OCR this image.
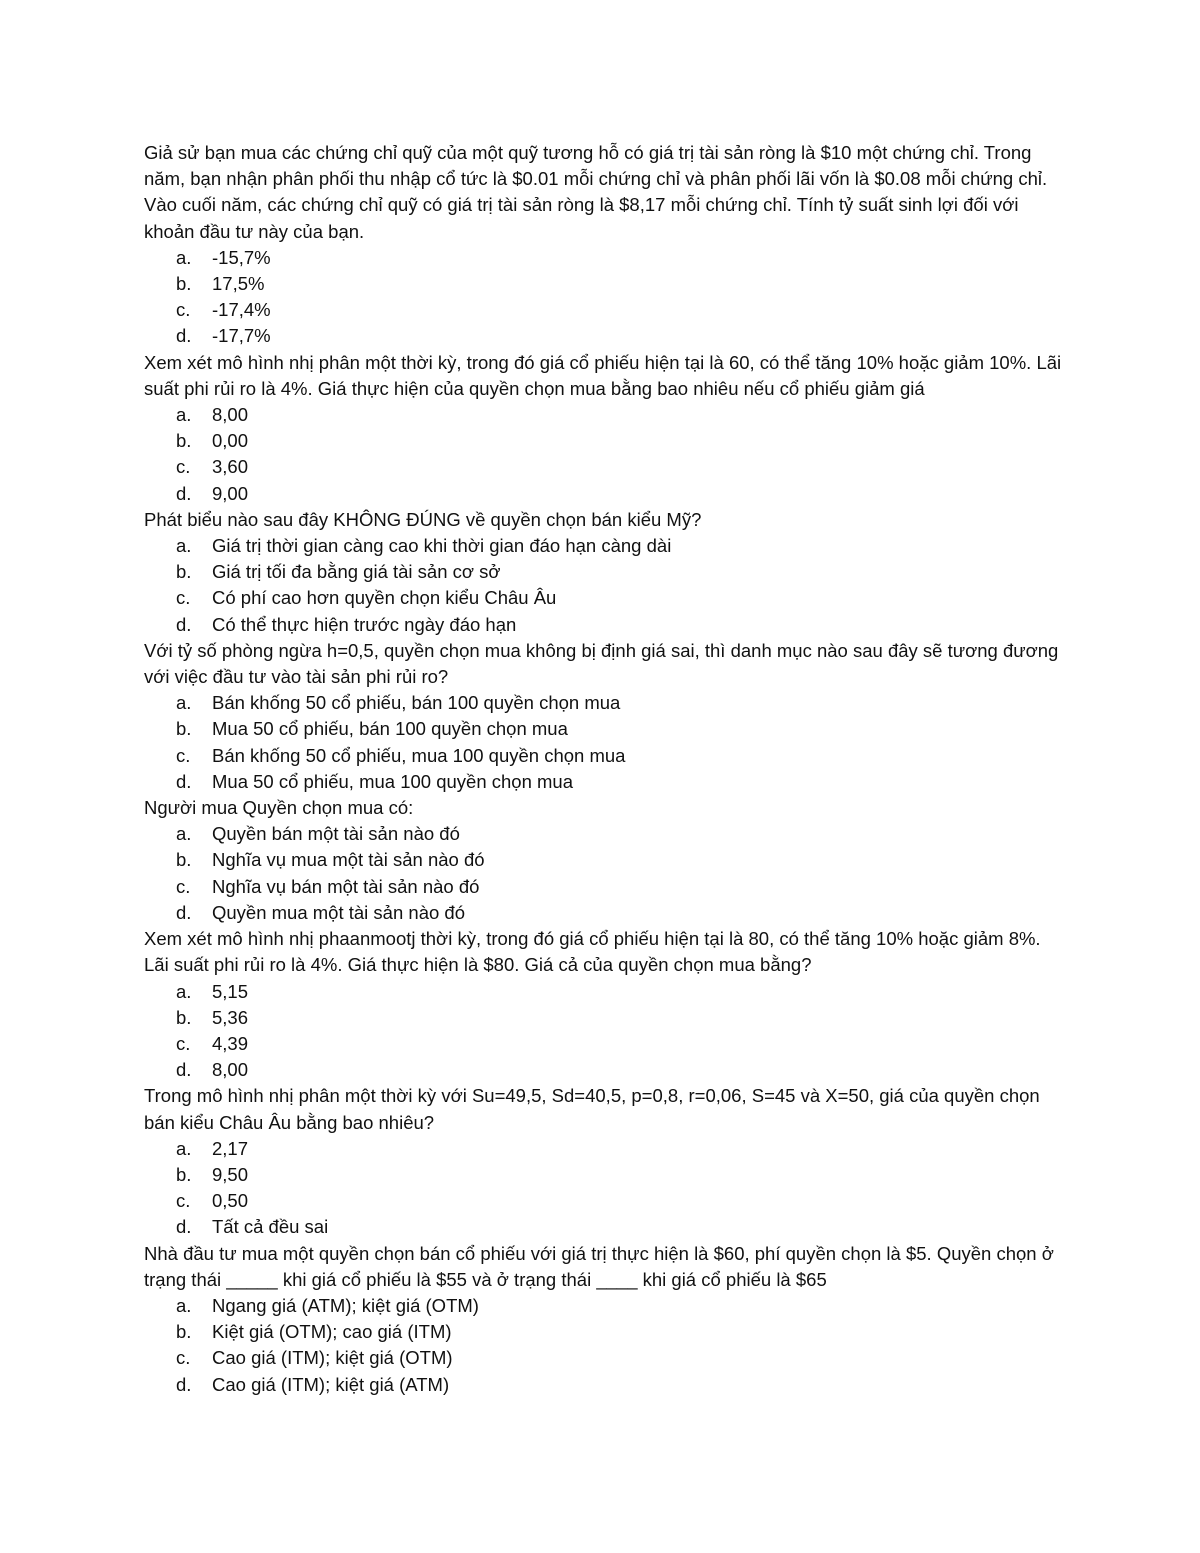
Giả sử bạn mua các chứng chỉ quỹ của một quỹ tương hỗ có giá trị tài sản ròng là $10 một chứng chỉ. Trong năm, bạn nhận phân phối thu nhập cổ tức là $0.01 mỗi chứng chỉ và phân phối lãi vốn là $0.08 mỗi chứng chỉ. Vào cuối năm, các chứng chỉ quỹ có giá trị tài sản ròng là $8,17 mỗi chứng chỉ. Tính tỷ suất sinh lợi đối với khoản đầu tư này của bạn.

a.	-15,7%
b.	17,5%
c.	-17,4%
d.	-17,7%

Xem xét mô hình nhị phân một thời kỳ, trong đó giá cổ phiếu hiện tại là 60, có thể tăng 10% hoặc giảm 10%. Lãi suất phi rủi ro là 4%. Giá thực hiện của quyền chọn mua bằng bao nhiêu nếu cổ phiếu giảm giá

a.	8,00
b.	0,00
c.	3,60
d.	9,00

Phát biểu nào sau đây KHÔNG ĐÚNG về quyền chọn bán kiểu Mỹ?

a.	Giá trị thời gian càng cao khi thời gian đáo hạn càng dài
b.	Giá trị tối đa bằng giá tài sản cơ sở
c.	Có phí cao hơn quyền chọn kiểu Châu Âu
d.	Có thể thực hiện trước ngày đáo hạn

Với tỷ số phòng ngừa h=0,5, quyền chọn mua không bị định giá sai, thì danh mục nào sau đây sẽ tương đương với việc đầu tư vào tài sản phi rủi ro?

a.	Bán khống 50 cổ phiếu, bán 100 quyền chọn mua
b.	Mua 50 cổ phiếu, bán 100 quyền chọn mua
c.	Bán khống 50 cổ phiếu, mua 100 quyền chọn mua
d.	Mua 50 cổ phiếu, mua 100 quyền chọn mua

Người mua Quyền chọn mua có:

a.	Quyền bán một tài sản nào đó
b.	Nghĩa vụ mua một tài sản nào đó
c.	Nghĩa vụ bán một tài sản nào đó
d.	Quyền mua một tài sản nào đó

Xem xét mô hình nhị phaanmootj thời kỳ, trong đó giá cổ phiếu hiện tại là 80, có thể tăng 10% hoặc giảm 8%. Lãi suất phi rủi ro là 4%. Giá thực hiện là $80. Giá cả của quyền chọn mua bằng?

a.	5,15
b.	5,36
c.	4,39
d.	8,00

Trong mô hình nhị phân một thời kỳ với Su=49,5, Sd=40,5, p=0,8, r=0,06, S=45 và X=50, giá của quyền chọn bán kiểu Châu Âu bằng bao nhiêu?

a.	2,17
b.	9,50
c.	0,50
d.	Tất cả đều sai

Nhà đầu tư mua một quyền chọn bán cổ phiếu với giá trị thực hiện là $60, phí quyền chọn là $5. Quyền chọn ở trạng thái _____ khi giá cổ phiếu là $55 và ở trạng thái ____ khi giá cổ phiếu là $65

a.	Ngang giá (ATM); kiệt giá (OTM)
b.	Kiệt giá (OTM); cao giá (ITM)
c.	Cao giá (ITM); kiệt giá (OTM)
d.	Cao giá (ITM); kiệt giá (ATM)
